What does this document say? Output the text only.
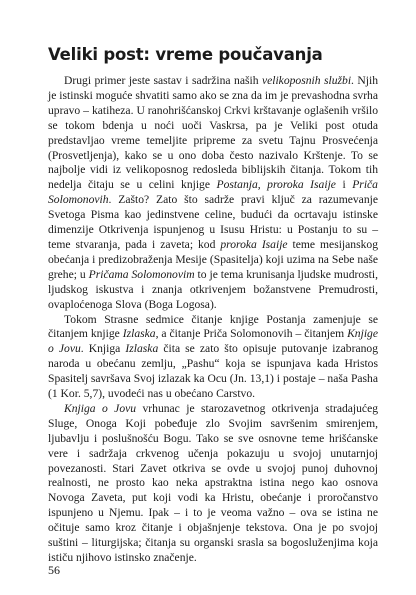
Veliki post: vreme poučavanja

Drugi primer jeste sastav i sadržina naših velikoposnih službi. Njih je istinski moguće shvatiti samo ako se zna da im je prevashodna svrha upravo – katiheza. U ranohrišćanskoj Crkvi krštavanje oglašenih vršilo se tokom bdenja u noći uoči Vaskrsa, pa je Veliki post otuda predstavljao vreme temeljite pripreme za svetu Tajnu Prosvećenja (Prosvetljenja), kako se u ono doba često nazivalo Krštenje. To se najbolje vidi iz velikoposnog redosleda biblijskih čitanja. Tokom tih nedelja čitaju se u celini knjige Postanja, proroka Isaije i Priča Solomonovih. Zašto? Zato što sadrže pravi ključ za razumevanje Svetoga Pisma kao jedinstvene celine, budući da ocrtavaju istinske dimenzije Otkrivenja ispunjenog u Isusu Hristu: u Postanju to su – teme stvaranja, pada i zaveta; kod proroka Isaije teme mesijanskog obećanja i predizobraženja Mesije (Spasitelja) koji uzima na Sebe naše grehe; u Pričama Solomonovim to je tema krunisanja ljudske mudrosti, ljudskog iskustva i znanja otkrivenjem božanstvene Premudrosti, ovaploćenoga Slova (Boga Logosa).

Tokom Strasne sedmice čitanje knjige Postanja zamenjuje se čitanjem knjige Izlaska, a čitanje Priča Solomonovih – čitanjem Knjige o Jovu. Knjiga Izlaska čita se zato što opisuje putovanje izabranog naroda u obećanu zemlju, „Pashu“ koja se ispunjava kada Hristos Spasitelj savršava Svoj izlazak ka Ocu (Jn. 13,1) i postaje – naša Pasha (1 Kor. 5,7), uvodeći nas u obećano Carstvo.

Knjiga o Jovu vrhunac je starozavetnog otkrivenja stradajućeg Sluge, Onoga Koji pobeđuje zlo Svojim savršenim smirenjem, ljubavlju i poslušnošću Bogu. Tako se sve osnovne teme hrišćanske vere i sadržaja crkvenog učenja pokazuju u svojoj unutarnjoj povezanosti. Stari Zavet otkriva se ovde u svojoj punoj duhovnoj realnosti, ne prosto kao neka apstraktna istina nego kao osnova Novoga Zaveta, put koji vodi ka Hristu, obećanje i proročanstvo ispunjeno u Njemu. Ipak – i to je veoma važno – ova se istina ne očituje samo kroz čitanje i objašnjenje tekstova. Ona je po svojoj suštini – liturgijska; čitanja su organski srasla sa bogosluženjima koja ističu njihovo istinsko značenje.

56
